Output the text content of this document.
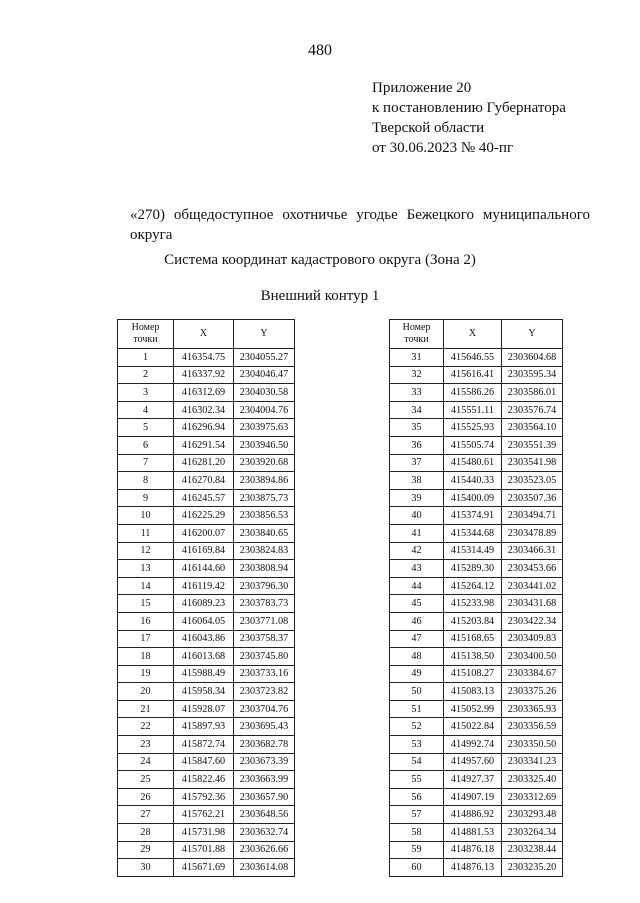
480
Приложение 20
к постановлению Губернатора
Тверской области
от 30.06.2023 № 40-пг
«270) общедоступное охотничье угодье Бежецкого муниципального округа
Система координат кадастрового округа (Зона 2)
Внешний контур 1
Номер
точки	X	Y
1	416354.75	2304055.27
2	416337.92	2304046.47
3	416312.69	2304030.58
4	416302.34	2304004.76
5	416296.94	2303975.63
6	416291.54	2303946.50
7	416281.20	2303920.68
8	416270.84	2303894.86
9	416245.57	2303875.73
10	416225.29	2303856.53
11	416200.07	2303840.65
12	416169.84	2303824.83
13	416144.60	2303808.94
14	416119.42	2303796.30
15	416089.23	2303783.73
16	416064.05	2303771.08
17	416043.86	2303758.37
18	416013.68	2303745.80
19	415988.49	2303733.16
20	415958.34	2303723.82
21	415928.07	2303704.76
22	415897.93	2303695.43
23	415872.74	2303682.78
24	415847.60	2303673.39
25	415822.46	2303663.99
26	415792.36	2303657.90
27	415762.21	2303648.56
28	415731.98	2303632.74
29	415701.88	2303626.66
30	415671.69	2303614.08
Номер
точки	X	Y
31	415646.55	2303604.68
32	415616.41	2303595.34
33	415586.26	2303586.01
34	415551.11	2303576.74
35	415525.93	2303564.10
36	415505.74	2303551.39
37	415480.61	2303541.98
38	415440.33	2303523.05
39	415400.09	2303507.36
40	415374.91	2303494.71
41	415344.68	2303478.89
42	415314.49	2303466.31
43	415289.30	2303453.66
44	415264.12	2303441.02
45	415233.98	2303431.68
46	415203.84	2303422.34
47	415168.65	2303409.83
48	415138.50	2303400.50
49	415108.27	2303384.67
50	415083.13	2303375.26
51	415052.99	2303365.93
52	415022.84	2303356.59
53	414992.74	2303350.50
54	414957.60	2303341.23
55	414927.37	2303325.40
56	414907.19	2303312.69
57	414886.92	2303293.48
58	414881.53	2303264.34
59	414876.18	2303238.44
60	414876.13	2303235.20
